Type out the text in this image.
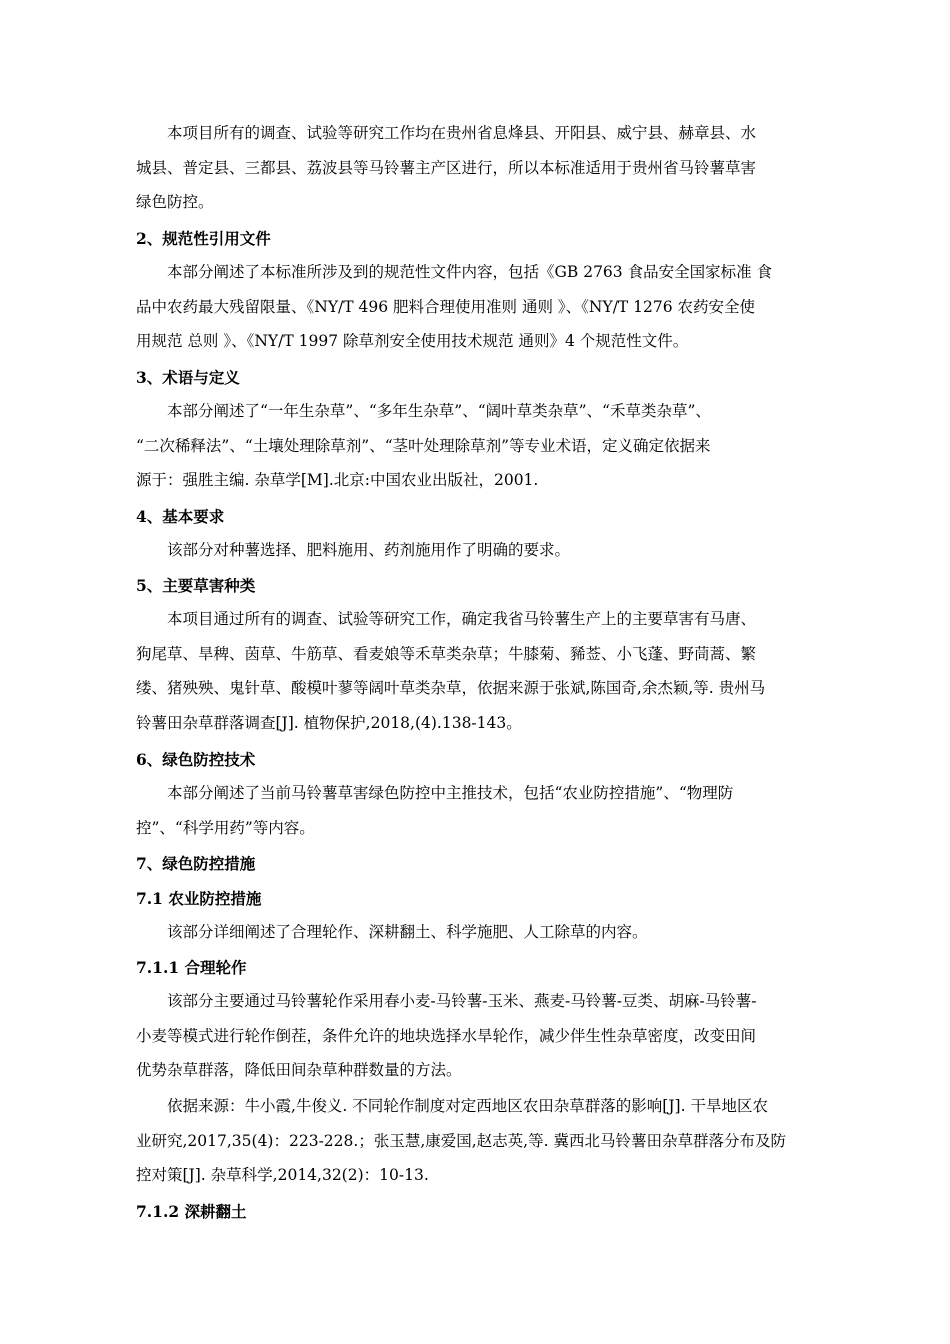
本项目所有的调查、试验等研究工作均在贵州省息烽县、开阳县、威宁县、赫章县、水
城县、普定县、三都县、荔波县等马铃薯主产区进行，所以本标准适用于贵州省马铃薯草害
绿色防控。

2、规范性引用文件

本部分阐述了本标准所涉及到的规范性文件内容，包括《GB 2763 食品安全国家标准 食
品中农药最大残留限量、《NY/T 496 肥料合理使用准则 通则 》、《NY/T 1276 农药安全使
用规范 总则 》、《NY/T 1997 除草剂安全使用技术规范 通则》4 个规范性文件。

3、术语与定义

本部分阐述了“一年生杂草”、“多年生杂草”、“阔叶草类杂草”、“禾草类杂草”、
“二次稀释法”、“土壤处理除草剂”、“茎叶处理除草剂”等专业术语，定义确定依据来
源于：强胜主编. 杂草学[M].北京:中国农业出版社，2001.

4、基本要求

该部分对种薯选择、肥料施用、药剂施用作了明确的要求。

5、主要草害种类

本项目通过所有的调查、试验等研究工作，确定我省马铃薯生产上的主要草害有马唐、
狗尾草、旱稗、茵草、牛筋草、看麦娘等禾草类杂草；牛膝菊、豨莶、小飞蓬、野茼蒿、繁
缕、猪殃殃、鬼针草、酸模叶蓼等阔叶草类杂草，依据来源于张斌,陈国奇,余杰颖,等. 贵州马
铃薯田杂草群落调查[J]. 植物保护,2018,(4).138-143。

6、绿色防控技术

本部分阐述了当前马铃薯草害绿色防控中主推技术，包括“农业防控措施”、“物理防
控”、“科学用药”等内容。

7、绿色防控措施
7.1 农业防控措施

该部分详细阐述了合理轮作、深耕翻土、科学施肥、人工除草的内容。

7.1.1 合理轮作

该部分主要通过马铃薯轮作采用春小麦-马铃薯-玉米、燕麦-马铃薯-豆类、胡麻-马铃薯-
小麦等模式进行轮作倒茬，条件允许的地块选择水旱轮作，减少伴生性杂草密度，改变田间
优势杂草群落，降低田间杂草种群数量的方法。

依据来源：牛小霞,牛俊义. 不同轮作制度对定西地区农田杂草群落的影响[J]. 干旱地区农
业研究,2017,35(4)：223-228.；张玉慧,康爱国,赵志英,等. 冀西北马铃薯田杂草群落分布及防
控对策[J]. 杂草科学,2014,32(2)：10-13.

7.1.2 深耕翻土
